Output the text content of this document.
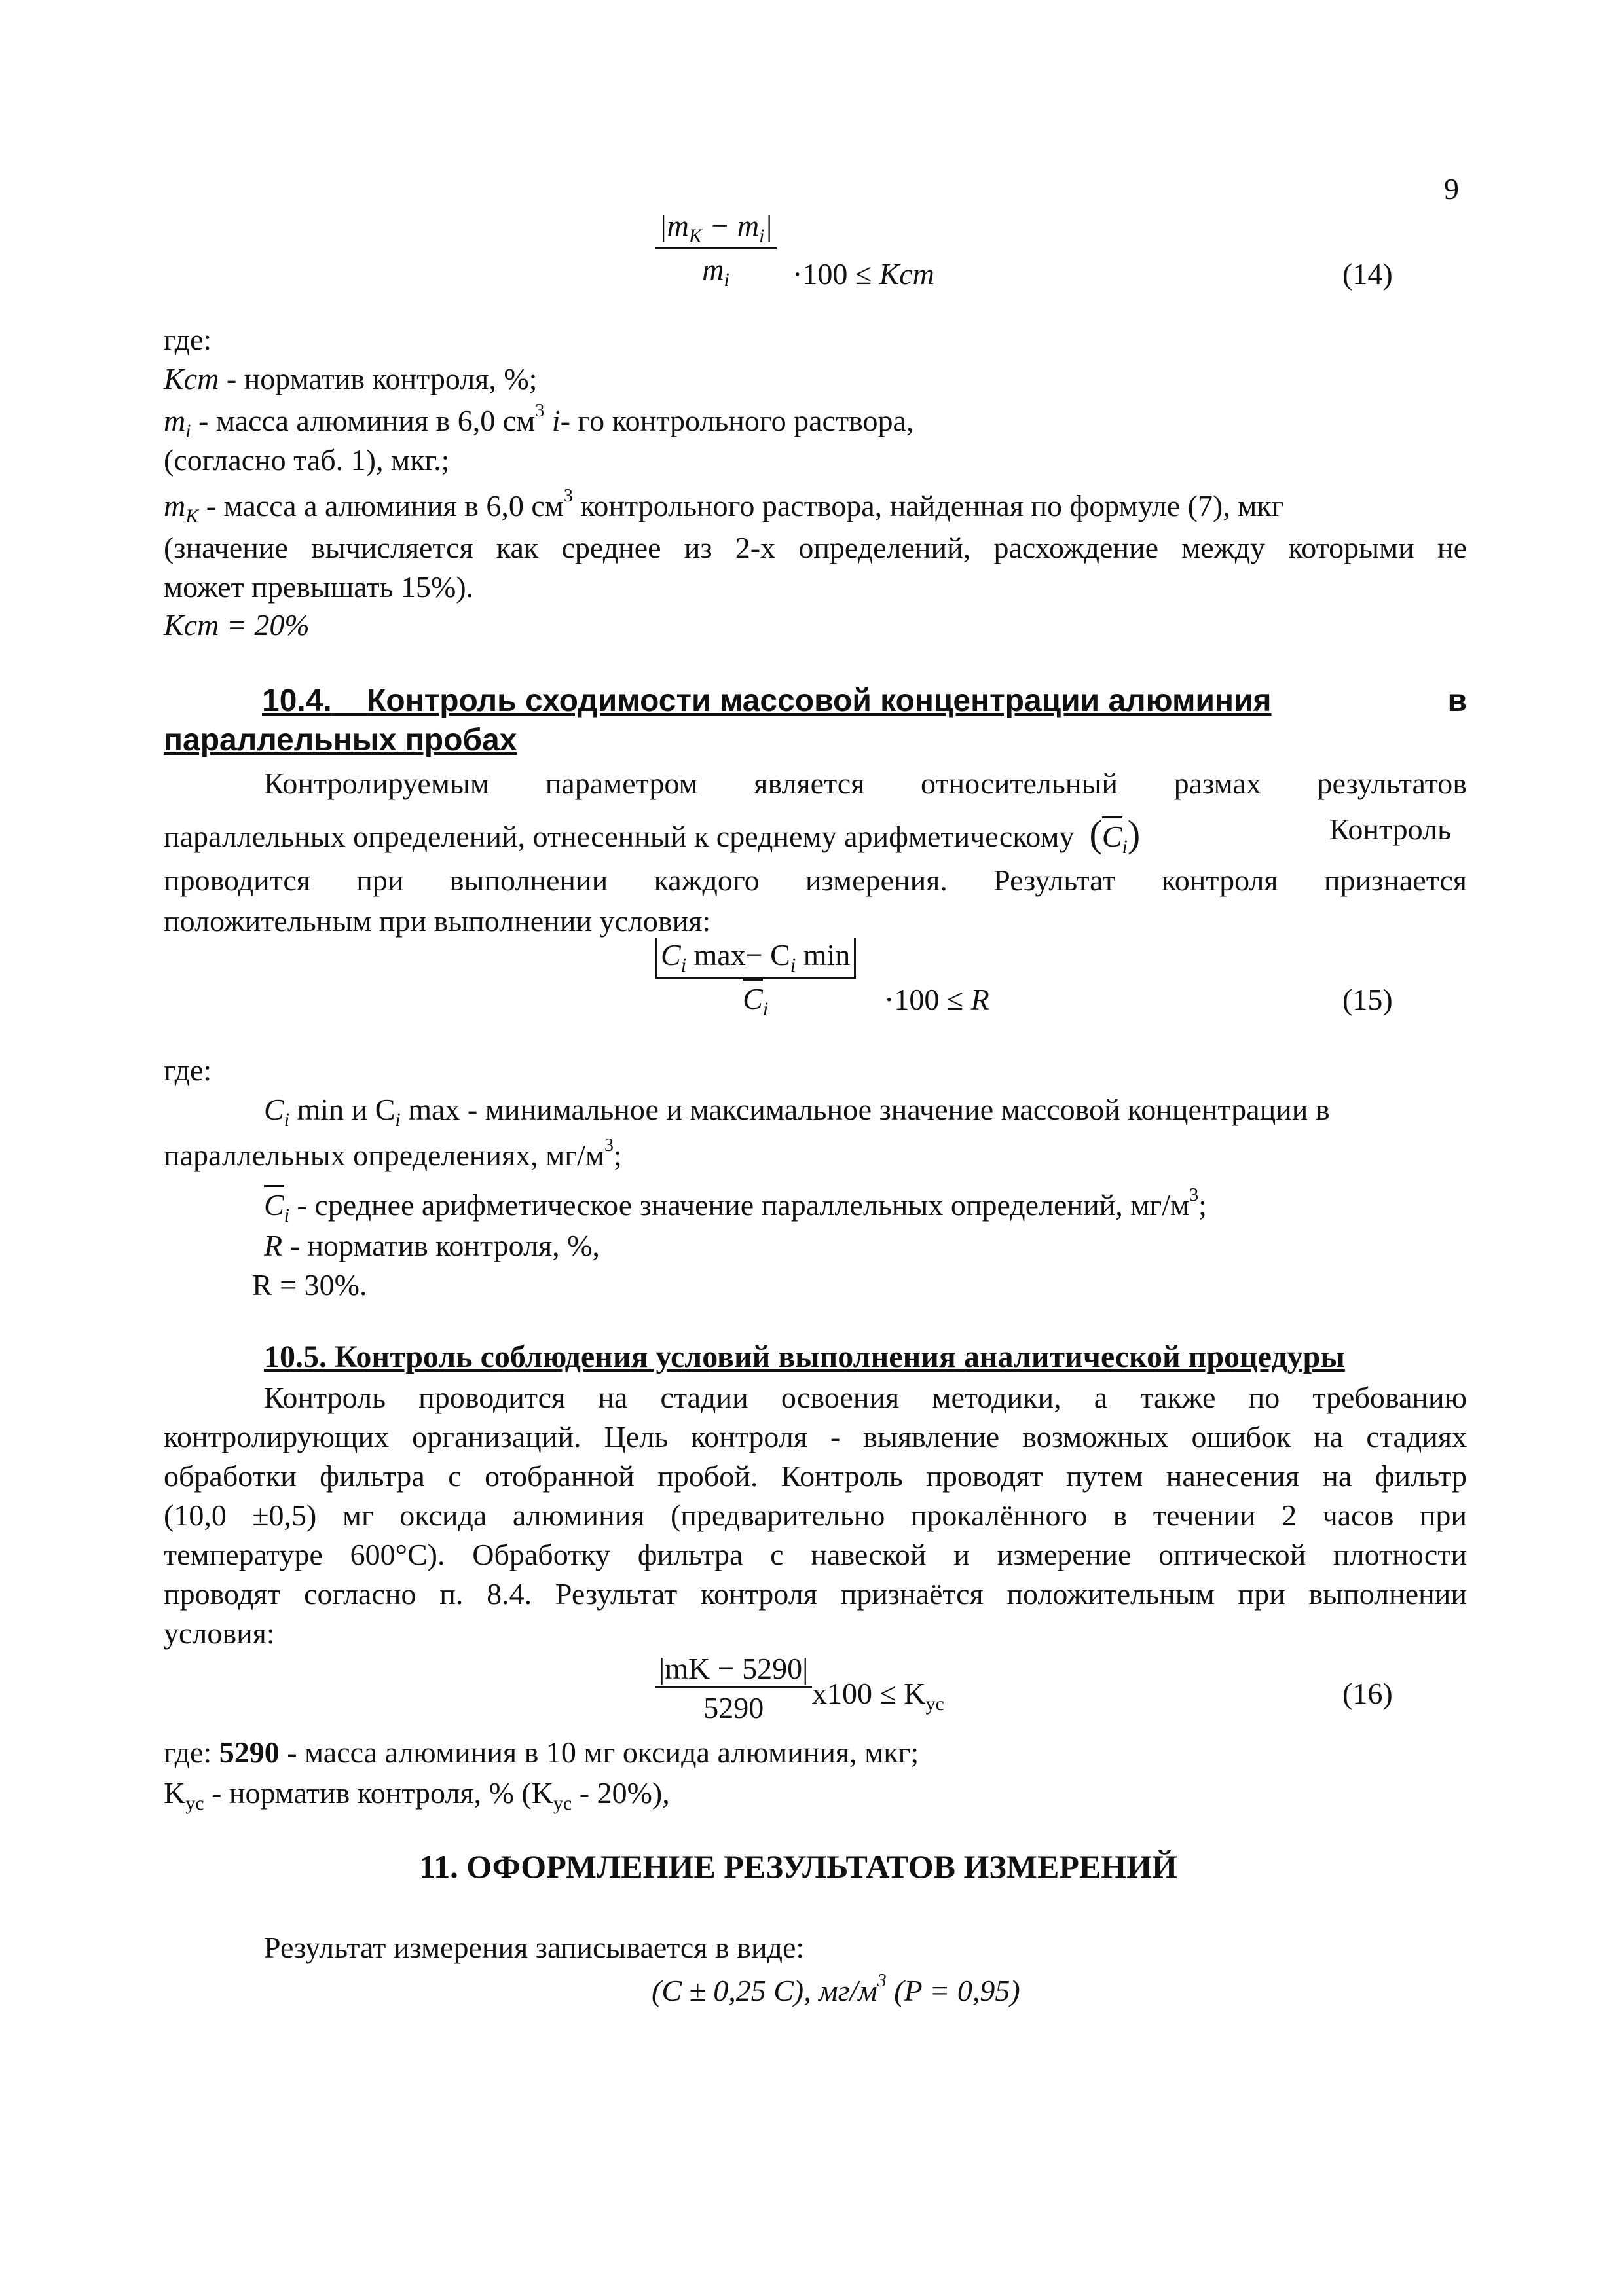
9
$|m_K - m_i|$
$m_i$	·100 ≤ Kcm	(14)
где:
Kcm - норматив контроля, %;
$m_i$ - масса алюминия в 6,0 $см^3$ i- го контрольного раствора,
(согласно таб. 1), мкг.;
$m_K$ - масса а алюминия в 6,0 $см^3$ контрольного раствора, найденная по формуле (7), мкг
(значение вычисляется как среднее из 2-х определений, расхождение между которыми не
может превышать 15%).
Kcm = 20%
10.4. Контроль сходимости массовой концентрации алюминия	в
параллельных пробах
Контролируемым параметром является относительный размах результатов
параллельных определений, отнесенный к среднему арифметическому $(C_i)$	Контроль
проводится при выполнении каждого измерения. Результат контроля признается
положительным при выполнении условия:
$C_i$ $\max- C_i$ min
$C_i$	·100 ≤ R	(15)
где:
$C_i$ min и $C_i$ max - минимальное и максимальное значение массовой концентрации в
параллельных определениях, $мг/м^3$;
$C_i$ - среднее арифметическое значение параллельных определений, $мг/м^3$;
R - норматив контроля, %,
R = 30%.
10.5. Контроль соблюдения условий выполнения аналитической процедуры
Контроль проводится на стадии освоения методики, а также по требованию
контролирующих организаций. Цель контроля - выявление возможных ошибок на стадиях
обработки фильтра с отобранной пробой. Контроль проводят путем нанесения на фильтр
(10,0 ±0,5) мг оксида алюминия (предварительно прокалённого в течении 2 часов при
температуре 600°С). Обработку фильтра с навеской и измерение оптической плотности
проводят согласно п. 8.4. Результат контроля признаётся положительным при выполнении
условия:
|mK − 5290|
5290	$x100 \le K_{ус}$	(16)
где: 5290 - масса алюминия в 10 мг оксида алюминия, мкг;
$K_{ус}$ - норматив контроля, % $(K_{ус} - 20\%)$,
11. ОФОРМЛЕНИЕ РЕЗУЛЬТАТОВ ИЗМЕРЕНИЙ
Результат измерения записывается в виде:
(C ± 0,25 C), $мг/м^3$ (P = 0,95)
